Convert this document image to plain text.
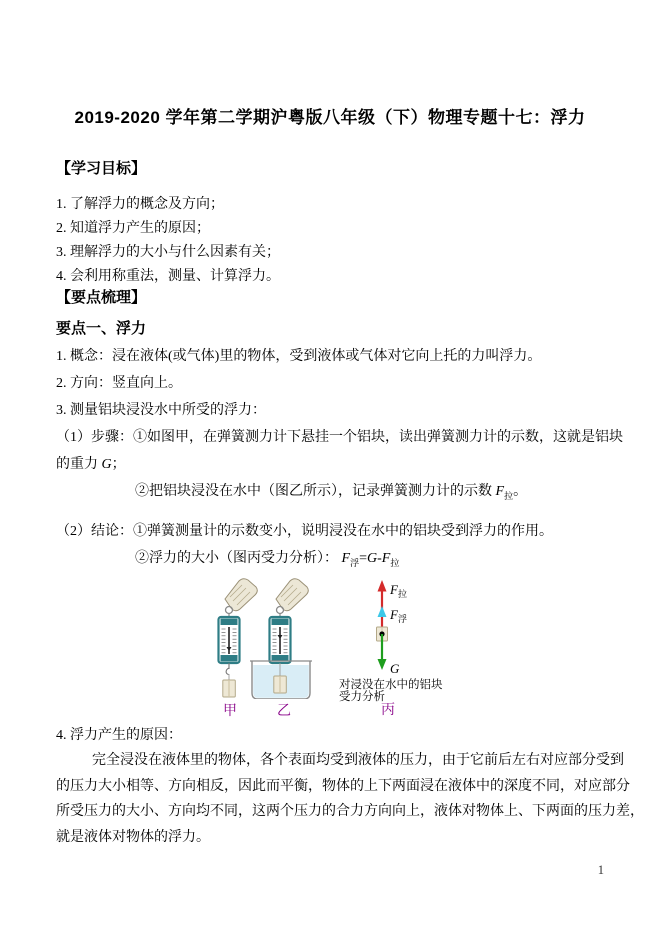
2019-2020 学年第二学期沪粤版八年级（下）物理专题十七：浮力
【学习目标】
1. 了解浮力的概念及方向；
2. 知道浮力产生的原因；
3. 理解浮力的大小与什么因素有关；
4. 会利用称重法，测量、计算浮力。
【要点梳理】
要点一、浮力
1. 概念：浸在液体(或气体)里的物体，受到液体或气体对它向上托的力叫浮力。
2. 方向：竖直向上。
3. 测量铝块浸没水中所受的浮力：
（1）步骤：①如图甲，在弹簧测力计下悬挂一个铝块，读出弹簧测力计的示数，这就是铝块
的重力 G；
②把铝块浸没在水中（图乙所示），记录弹簧测力计的示数 $F_拉$。
（2）结论：①弹簧测量计的示数变小，说明浸没在水中的铝块受到浮力的作用。
②浮力的大小（图丙受力分析）： $F_浮=G-F_拉$
甲	乙
$F_拉$
$F_浮$
G
对浸没在水中的铝块
受力分析
丙
4. 浮力产生的原因：
完全浸没在液体里的物体，各个表面均受到液体的压力，由于它前后左右对应部分受到
的压力大小相等、方向相反，因此而平衡，物体的上下两面浸在液体中的深度不同，对应部分
所受压力的大小、方向均不同，这两个压力的合力方向向上，液体对物体上、下两面的压力差，
就是液体对物体的浮力。
1
